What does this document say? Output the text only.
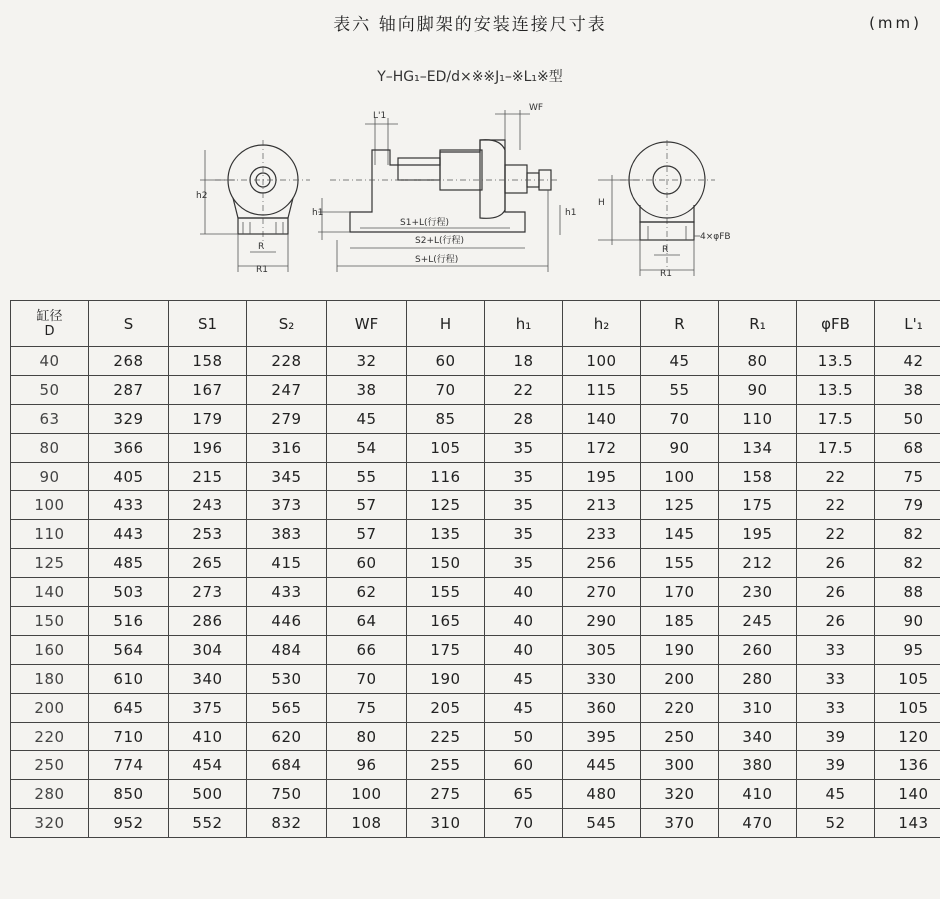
表六 轴向脚架的安装连接尺寸表	(mm)
Y–HG₁–ED/d×※※J₁–※L₁※型
h2
R
R1
L'1
WF
h1
S1+L(行程)
S2+L(行程)
S+L(行程)
h1
H
4×φFB
R
R1
缸径
D	S	S1	S₂	WF	H	h₁	h₂	R	R₁	φFB	L'₁
40	268	158	228	32	60	18	100	45	80	13.5	42
50	287	167	247	38	70	22	115	55	90	13.5	38
63	329	179	279	45	85	28	140	70	110	17.5	50
80	366	196	316	54	105	35	172	90	134	17.5	68
90	405	215	345	55	116	35	195	100	158	22	75
100	433	243	373	57	125	35	213	125	175	22	79
110	443	253	383	57	135	35	233	145	195	22	82
125	485	265	415	60	150	35	256	155	212	26	82
140	503	273	433	62	155	40	270	170	230	26	88
150	516	286	446	64	165	40	290	185	245	26	90
160	564	304	484	66	175	40	305	190	260	33	95
180	610	340	530	70	190	45	330	200	280	33	105
200	645	375	565	75	205	45	360	220	310	33	105
220	710	410	620	80	225	50	395	250	340	39	120
250	774	454	684	96	255	60	445	300	380	39	136
280	850	500	750	100	275	65	480	320	410	45	140
320	952	552	832	108	310	70	545	370	470	52	143
